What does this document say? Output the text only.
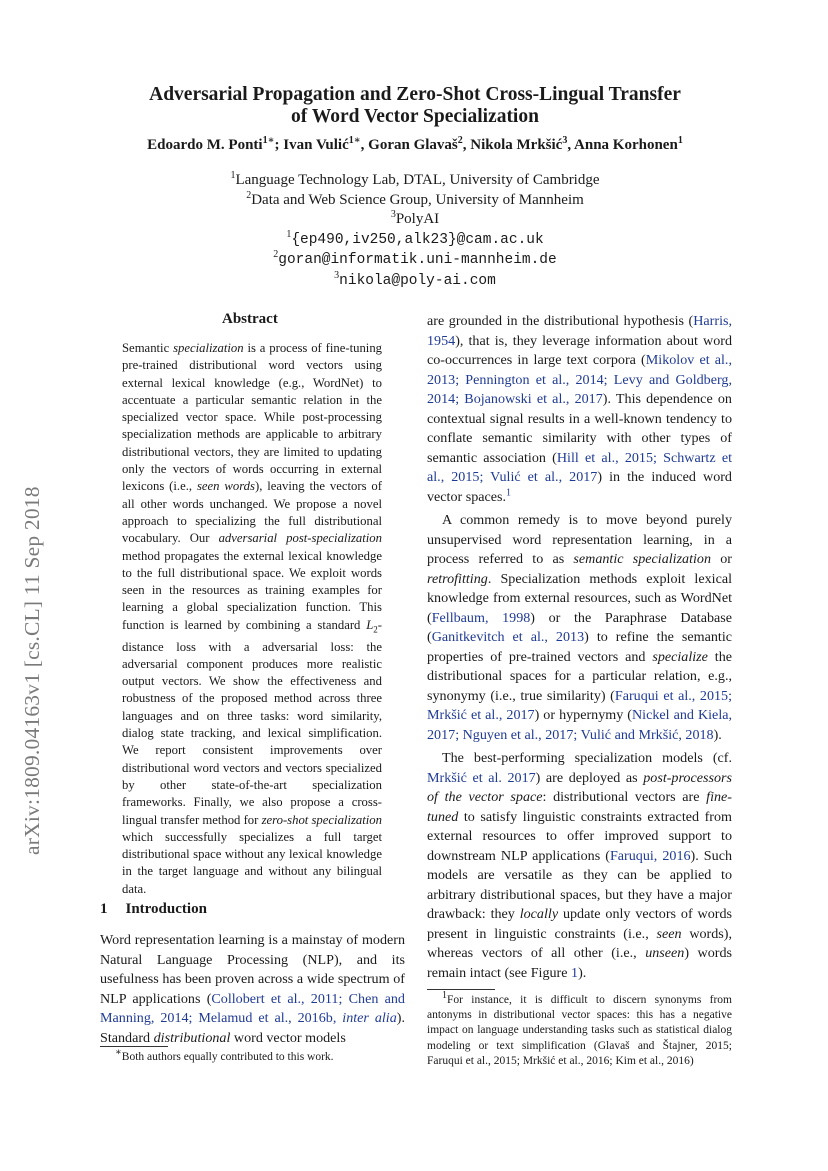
arXiv:1809.04163v1 [cs.CL] 11 Sep 2018
Adversarial Propagation and Zero-Shot Cross-Lingual Transfer
of Word Vector Specialization
Edoardo M. Ponti$^{1∗}$; Ivan Vulić$^{1∗}$, Goran Glavaš$^2$, Nikola Mrkšić$^3$, Anna Korhonen$^1$
$^1$Language Technology Lab, DTAL, University of Cambridge
$^2$Data and Web Science Group, University of Mannheim
$^3$PolyAI
$^1${ep490,iv250,alk23}@cam.ac.uk
$^2$goran@informatik.uni-mannheim.de
$^3$nikola@poly-ai.com
Abstract
Semantic specialization is a process of fine-tuning pre-trained distributional word vectors using external lexical knowledge (e.g., WordNet) to accentuate a particular semantic relation in the specialized vector space. While post-processing specialization methods are applicable to arbitrary distributional vectors, they are limited to updating only the vectors of words occurring in external lexicons (i.e., seen words), leaving the vectors of all other words unchanged. We propose a novel approach to specializing the full distributional vocabulary. Our adversarial post-specialization method propagates the external lexical knowledge to the full distributional space. We exploit words seen in the resources as training examples for learning a global specialization function. This function is learned by combining a standard $L_2$-distance loss with a adversarial loss: the adversarial component produces more realistic output vectors. We show the effectiveness and robustness of the proposed method across three languages and on three tasks: word similarity, dialog state tracking, and lexical simplification. We report consistent improvements over distributional word vectors and vectors specialized by other state-of-the-art specialization frameworks. Finally, we also propose a cross-lingual transfer method for zero-shot specialization which successfully specializes a full target distributional space without any lexical knowledge in the target language and without any bilingual data.
1 Introduction
Word representation learning is a mainstay of modern Natural Language Processing (NLP), and its usefulness has been proven across a wide spectrum of NLP applications (Collobert et al., 2011; Chen and Manning, 2014; Melamud et al., 2016b, inter alia). Standard distributional word vector models
∗Both authors equally contributed to this work.

are grounded in the distributional hypothesis (Harris, 1954), that is, they leverage information about word co-occurrences in large text corpora (Mikolov et al., 2013; Pennington et al., 2014; Levy and Goldberg, 2014; Bojanowski et al., 2017). This dependence on contextual signal results in a well-known tendency to conflate semantic similarity with other types of semantic association (Hill et al., 2015; Schwartz et al., 2015; Vulić et al., 2017) in the induced word vector spaces.$^1$

A common remedy is to move beyond purely unsupervised word representation learning, in a process referred to as semantic specialization or retrofitting. Specialization methods exploit lexical knowledge from external resources, such as WordNet (Fellbaum, 1998) or the Paraphrase Database (Ganitkevitch et al., 2013) to refine the semantic properties of pre-trained vectors and specialize the distributional spaces for a particular relation, e.g., synonymy (i.e., true similarity) (Faruqui et al., 2015; Mrkšić et al., 2017) or hypernymy (Nickel and Kiela, 2017; Nguyen et al., 2017; Vulić and Mrkšić, 2018).

The best-performing specialization models (cf. Mrkšić et al. 2017) are deployed as post-processors of the vector space: distributional vectors are fine-tuned to satisfy linguistic constraints extracted from external resources to offer improved support to downstream NLP applications (Faruqui, 2016). Such models are versatile as they can be applied to arbitrary distributional spaces, but they have a major drawback: they locally update only vectors of words present in linguistic constraints (i.e., seen words), whereas vectors of all other (i.e., unseen) words remain intact (see Figure 1).

$^1$For instance, it is difficult to discern synonyms from antonyms in distributional vector spaces: this has a negative impact on language understanding tasks such as statistical dialog modeling or text simplification (Glavaš and Štajner, 2015; Faruqui et al., 2015; Mrkšić et al., 2016; Kim et al., 2016)
